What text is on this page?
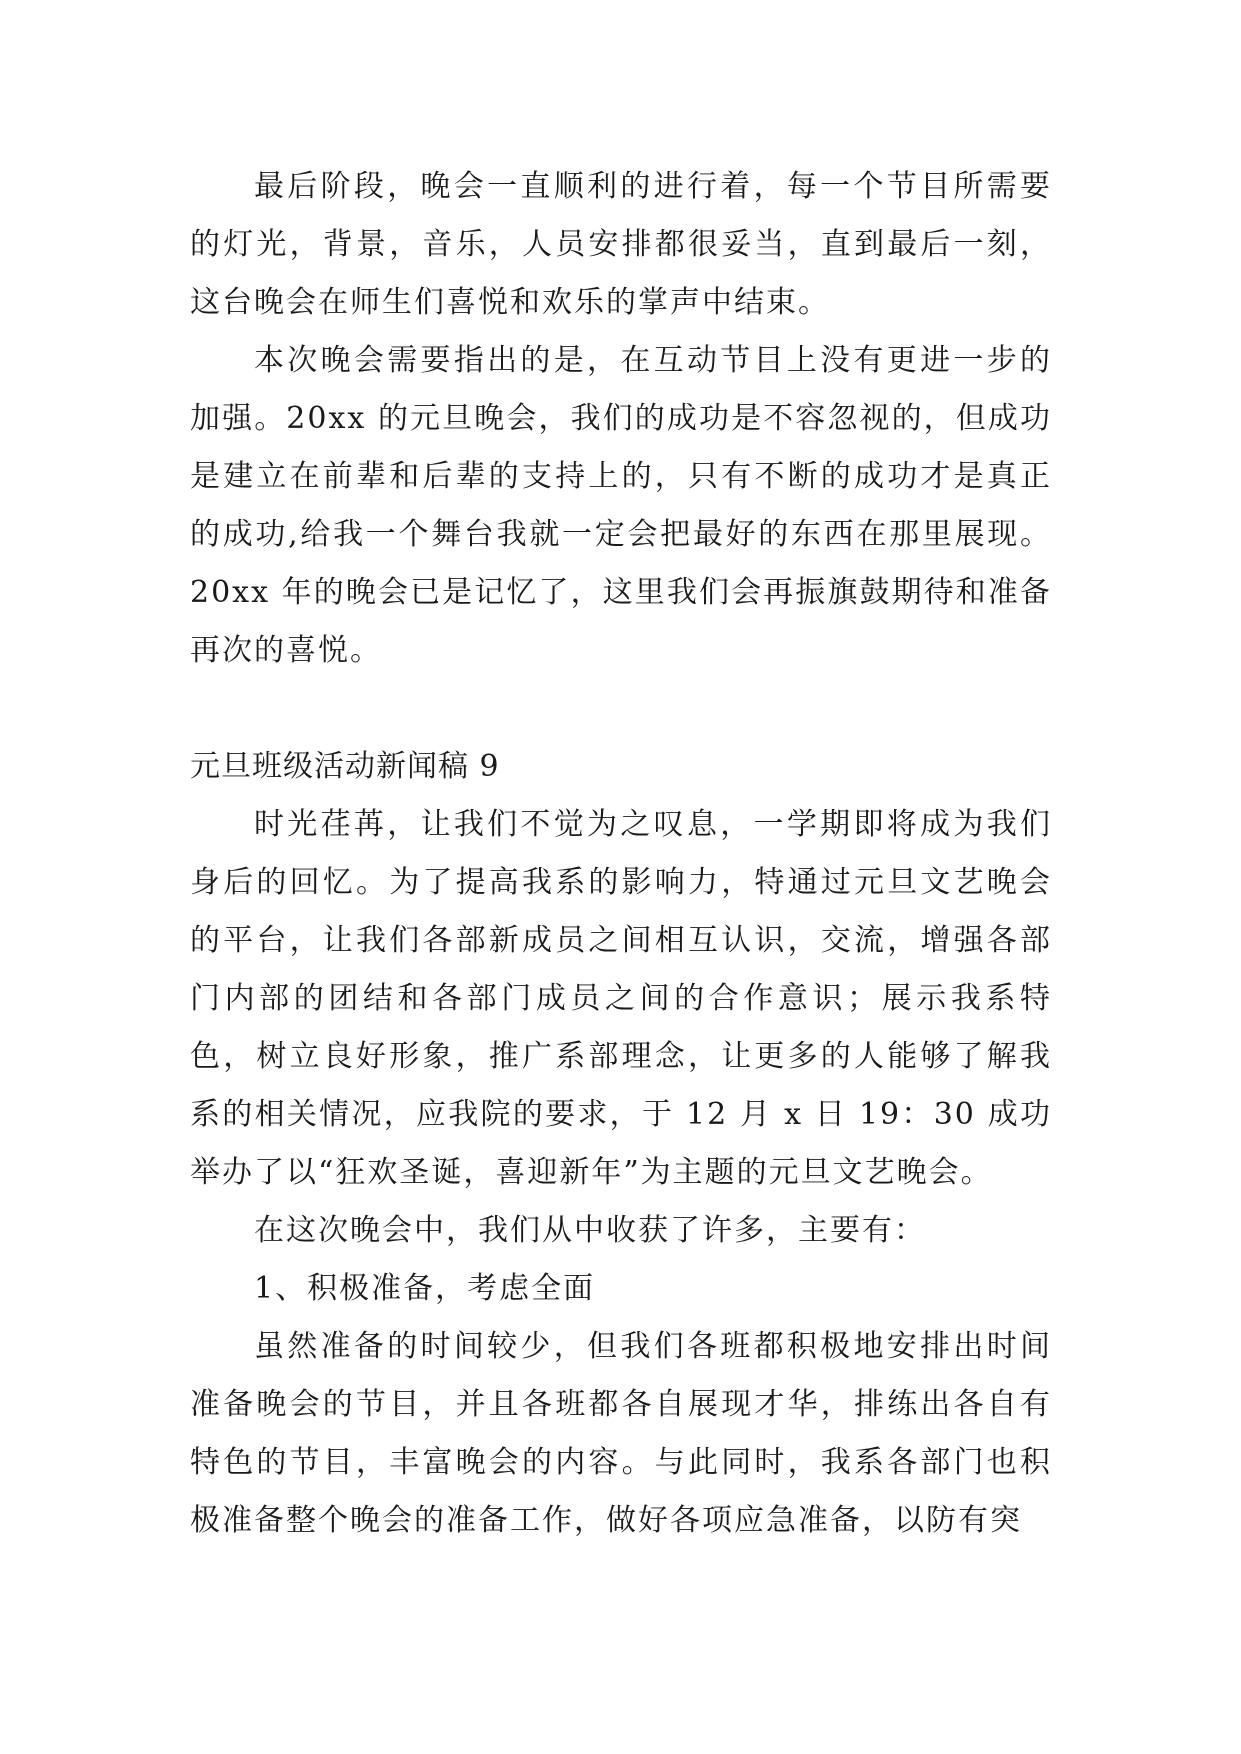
最后阶段，晚会一直顺利的进行着，每一个节目所需要的灯光，背景，音乐，人员安排都很妥当，直到最后一刻，这台晚会在师生们喜悦和欢乐的掌声中结束。

本次晚会需要指出的是，在互动节目上没有更进一步的加强。20xx 的元旦晚会，我们的成功是不容忽视的，但成功是建立在前辈和后辈的支持上的，只有不断的成功才是真正的成功,给我一个舞台我就一定会把最好的东西在那里展现。20xx 年的晚会已是记忆了，这里我们会再振旗鼓期待和准备再次的喜悦。

元旦班级活动新闻稿 9

时光荏苒，让我们不觉为之叹息，一学期即将成为我们身后的回忆。为了提高我系的影响力，特通过元旦文艺晚会的平台，让我们各部新成员之间相互认识，交流，增强各部门内部的团结和各部门成员之间的合作意识；展示我系特色，树立良好形象，推广系部理念，让更多的人能够了解我系的相关情况，应我院的要求，于 12 月 x 日 19：30 成功举办了以“狂欢圣诞，喜迎新年”为主题的元旦文艺晚会。

在这次晚会中，我们从中收获了许多，主要有：

1、积极准备，考虑全面

虽然准备的时间较少，但我们各班都积极地安排出时间准备晚会的节目，并且各班都各自展现才华，排练出各自有特色的节目，丰富晚会的内容。与此同时，我系各部门也积极准备整个晚会的准备工作，做好各项应急准备，以防有突
